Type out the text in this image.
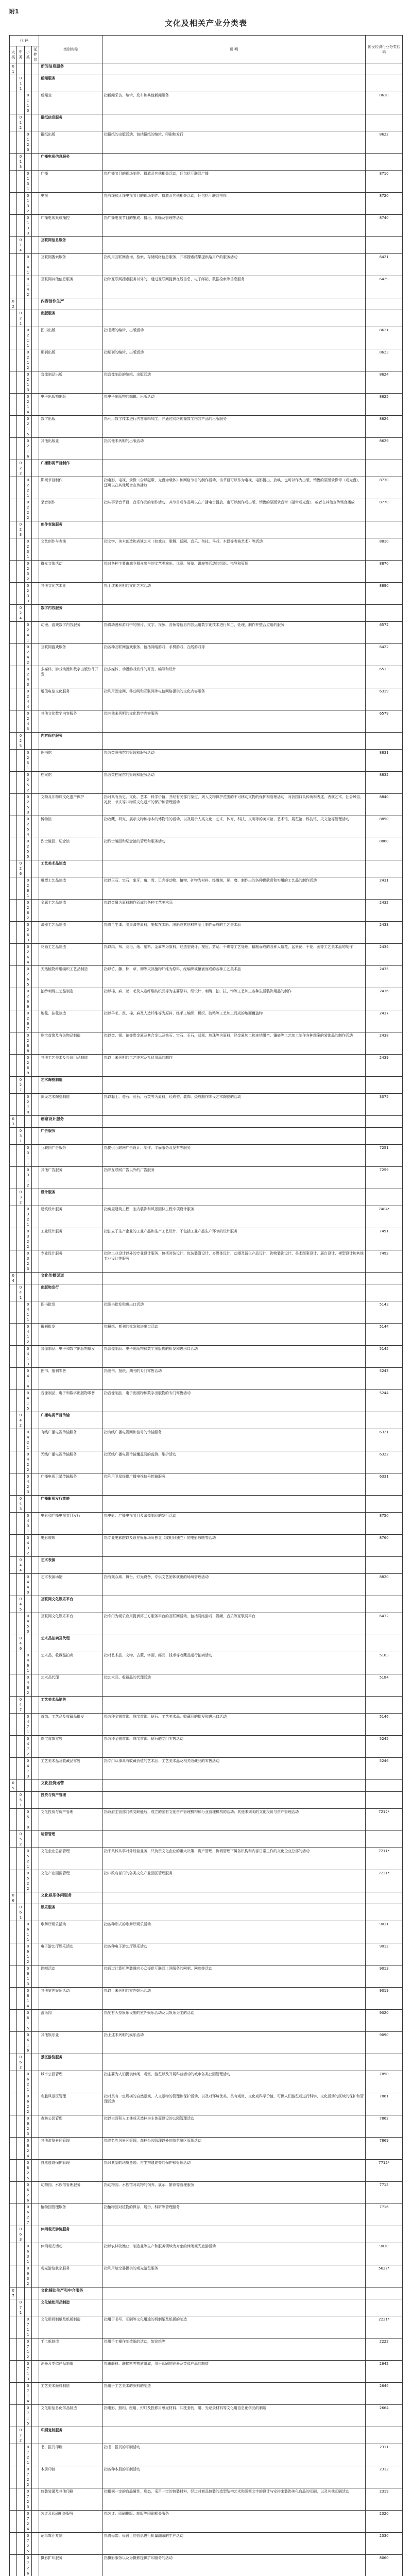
附1
文化及相关产业分类表
代 码				类别名称	说 明	国民经济行业分类代码
大类	中类	小类	延伸层			
01				新闻信息服务		
	011			新闻服务		
		0110		新闻业	指新闻采访、编辑、发布和其他新闻服务	8610
	012			报纸信息服务		
		0120		报纸出版	指报纸的出版活动，包括报纸的编辑、印刷和发行	8622
	013			广播电视信息服务		
		0131		广播	指广播节目的现场制作、播放及其他相关活动，还包括互联网广播	8710
		0132		电视	指有线和无线电视节目的现场制作、播放及其他相关活动，还包括互联网电视	8720
		0133		广播电视集成播控	指广播电视节目的集成、播出、传输及管理等活动	8740
	014			互联网信息服务		
		0141		互联网搜索服务	指利用互联网查询、检索、存储网络信息服务，并将搜索结果提供给用户的服务活动	6421
		0142		互联网其他信息服务	指除互联网搜索服务以外的，通过互联网提供在线信息、电子邮箱、数据检索等信息服务	6429
02				内容创作生产		
	021			出版服务		
		0211		图书出版	指书籍的编辑、出版活动	8621
		0212		期刊出版	指期刊的编辑、出版活动	8623
		0213		音像制品出版	指音像制品的编辑、出版活动	8624
		0214		电子出版物出版	指电子出版物的编辑、出版活动	8625
		0215		数字出版	指利用数字技术进行内容编辑加工，并通过网络传播数字内容产品的出版服务	8626
		0216		其他出版业	指其他未列明的出版活动	8629
	022			广播影视节目制作		
		0221		影视节目制作	指电影、电视、录像（含以磁带、光盘为载体）和网络节目的制作活动，该节目可以作为电视、电影播出、放映，也可以作为出版、销售的原版录像带（或光盘），还可以在其他场合宣传播放	8730
		0222		录音制作	指从事录音节目、音乐作品的制作活动，其节目或作品可以在广播电台播放，也可以制作成出版、销售的原版录音带（磁带或光盘），或者在其他宣传场合播放	8770
	023			创作表演服务		
		0231		文艺创作与表演	指文学、美术创造和表演艺术（如戏曲、歌舞、话剧、音乐、杂技、马戏、木偶等表演艺术）等活动	8810
		0232		群众文体活动	指对各种主要由城乡群众参与的文艺类演出、比赛、展览、讲座等活动的组织、指导和管理	8870
		0233		其他文化艺术业	指上述未列明的文化艺术活动	8890
	024			数字内容服务		
		0241		动漫、游戏数字内容服务	指将动漫和游戏中的图片、文字、视频、音频等信息内容运用数字化技术进行加工、处理、制作并整合应用的服务	6572
		0242		互联网游戏服务	指各种互联网游戏服务，包括网络游戏、手机游戏、在线游戏等	6422
		0243		多媒体、游戏动漫和数字出版软件开发	指多媒体、动漫游戏软件的开发、编写和设计	6513
		0244		增值电信文化服务	指利用固定网、移动网和互联网等电信网络提供的文化内容服务	6319
		0245		其他文化数字内容服务	指其他未列明的文化数字内容服务	6579
	025			内容保存服务		
		0251		图书馆	指各类图书馆的管理和服务活动	8831
		0252		档案馆	指各类档案馆的管理和服务活动	8832
		0253		文物及非物质文化遗产保护	指对具有历史、文化、艺术、科学价值，并经有关部门鉴定，列入文物保护范围的不可移动文物的保护和管理活动；对我国口头传统和表述、表演艺术、社会风俗、礼仪、节庆等非物质文化遗产的保护和管理活动	8840
		0254		博物馆	指收藏、研究、展示文物和标本的博物馆的活动，以及展示人类文化、艺术、体育、科技、文明等的美术馆、艺术馆、展览馆、科技馆、天文馆等管理活动	8850
		0255		烈士陵园、纪念馆	指烈士陵园和纪念馆的管理和服务活动	8860
	026			工艺美术品制造		
		0261		雕塑工艺品制造	指以玉石、宝石、象牙、角、骨、贝壳等动物、植物、矿物为材料，经雕刻、琢、磨、制作出的各种供欣赏和实用的工艺品的制作活动	2431
		0262		金属工艺品制造	指以金属为原料制作而成的各种工艺美术品	2432
		0263		漆器工艺品制造	指将半生漆、腰果漆等原料，施髹在木胎、脱胎或其他材料胎上制作而成的工艺美术品	2433
		0264		花画工艺品制造	指以绢、布、羽毛、纸、塑料、金属等为原料，经造型设计、模压、剪贴、干燥等工艺处理，精制而成的各种人造花、盆景花、干花、画等工艺美术品的制作	2434
		0265		天然植物纤维编织工艺品制造	指以竹、藤、棕、草、柳等天然植物纤维为原料，经编织或镶嵌而成的各种工艺美术品	2435
		0266		抽纱刺绣工艺品制造	指以棉、麻、丝、毛及人造纤维纺织品等为主要原料，经设计、刺绣、抽、拉、钩等工艺加工各种生活装饰用品的制作	2436
		0267		地毯、挂毯制造	指以羊毛、丝、棉、麻及人造纤维等为原料，经手工编织、机织、胶粘等工艺加工而成的地面覆盖物	2437
		0268		珠宝首饰及有关物品制造	指以金、银、铂等贵金属及其合金以及钻石、宝石、玉石、翡翠、珍珠等为原料，经金属加工和连结组合、镶嵌等工艺加工制作各种图案的装饰品的制作活动	2438
		0269		其他工艺美术及礼仪用品制造	指以上未列明的工艺美术及礼仪用品的制作	2439
	027			艺术陶瓷制造		
		0270		陈设艺术陶瓷制造	指以黏土、瓷石、长石、石英等为原料，经成型、装饰、烧成制作陈设艺术陶瓷的活动	3075
03				创意设计服务		
	031			广告服务		
		0311		互联网广告服务	指提供互联网广告设计、制作、平面服务及发布等服务	7251
		0312		其他广告服务	指除互联网广告以外的广告服务	7259
	032			设计服务		
		0321		建筑设计服务	指房屋建筑工程、室内装饰和风景园林工程专项设计服务	7484*
		0322		工业设计服务	指独立于生产企业的工业产品和生产工艺设计，不包括工业产品生产环节的设计服务	7491
		0323		专业设计服务	指除工业设计以外的专业设计服务，包括时装设计、包装装潢设计、多媒体设计、动漫及衍生产品设计、饰物装饰设计、美术图案设计、展台设计、模型设计和其他专业设计等服务	7492
04				文化传播渠道		
	041			出版物发行		
		0411		图书批发	指图书批发和进出口活动	5143
		0412		报刊批发	指报纸、期刊的批发和进出口活动	5144
		0413		音像制品、电子和数字出版物批发	指音像制品、电子出版物和数字出版物的批发和进出口活动	5145
		0414		图书、报刊零售	指图书、报纸、期刊的专门零售活动	5243
		0415		音像制品、电子和数字出版物零售	指音像制品、电子出版物和数字出版物的专门零售活动	5244
	042			广播电视节目传输		
		0421		有线广播电视传输服务	指有线广播电视网和信号的传输服务	6321
		0422		无线广播电视传输服务	指无线广播电视传输覆盖网的监测、维护活动	6322
		0423		广播电视卫星传输服务	指利用卫星提供广播电视信号传输服务	6331
	043			广播影视发行放映		
		0431		电影和广播电视节目发行	指电影、广播电视节目及录像制品的发行活动	8750
		0432		电影放映	指专业电影院以及设在娱乐场所独立（或相对独立）的电影放映等活动	8760
	044			艺术表演		
		0440		艺术表演场馆	指有观众席、舞台、灯光设备，专供文艺团体演出的场所管理活动	8820
	045			互联网文化娱乐平台		
		0450		互联网文化娱乐平台	指专门为娱乐应用提供第三方服务平台的互联网活动，包括网络游戏、视频、音乐等互联网平台	6432
	046			艺术品拍卖及代理		
		0461		艺术品、收藏品拍卖	指对艺术品、文物、古董、字画、邮品、钱币等收藏品进行拍卖活动	5183
		0462		艺术品代理	指艺术品、收藏品的代理活动	5184
	047			工艺美术品销售		
		0471		首饰、工艺品及收藏品批发	指各种金银首饰、珠宝首饰、钻石、工艺美术品、收藏品的批发和进出口活动	5146
		0472		珠宝首饰零售	指各种金银首饰、珠宝首饰、钻石的专门零售活动	5245
		0473		工艺美术品及收藏品零售	指专门从事具有收藏价值的艺术品、工艺美术品及相关收藏品的零售活动	5246
05				文化投资运营		
	051			投资与资产管理		
		0510		文化投资与资产管理	指政府主管部门转变职能后，成立的国有文化资产管理机构和行业管理机构的活动；其他未列明的文化投资与资产管理活动	7212*
	052			运营管理		
		0521		文化企业总部管理	指不具体从事对外经营业务，只负责文化企业的重大决策、资产管理，协调管理下属各机构和内部日常工作的文化企业总部的活动	7211*
		0522		文化产业园区管理	指非政府部门的各类文化产业园区管理服务	7221*
06				文化娱乐休闲服务		
	061			娱乐服务		
		0611		歌舞厅娱乐活动	指各种形式的歌舞厅娱乐活动	9011
		0612		电子游艺厅娱乐活动	指各种电子游艺厅娱乐活动	9012
		0613		网吧活动	指通过计算机等装置向公众提供互联网上网服务的网吧、网咖等活动	9013
		0614		其他室内娱乐活动	指以上未列明的室内娱乐活动	9019
		0615		游乐园	指配有大型娱乐设施的室外娱乐活动及以娱乐为主的活动	9020
		0616		其他娱乐业	指上述未列明的娱乐活动	9090
	062			景区游览服务		
		0621		城市公园管理	指主要为人们提供休闲、观赏、游览以及开展科普活动的城市各类公园管理活动	7850
		0622		名胜风景区管理	指对具有一定规模的自然景观、人文景物的管理和保护活动，以及对环境优美，具有观赏、文化或科学价值，可供人们游览或进行科学、文化活动的区域的保护和管理活动	7861
		0623		森林公园管理	指以大面积人工林或天然林为主体而建设的公园管理活动	7862
		0624		其他游览景区管理	指除名胜风景区管理、森林公园管理以外的游览景区管理活动	7869
		0625		自然遗迹保护管理	指对典型的地质遗迹、古生物遗迹等的保护和管理活动	7712*
		0626		动物园、水族馆管理服务	指动物园、水族馆对动物的饲养、展示、繁育等管理服务	7715
		0627		植物园管理服务	指植物园对植物的保存、展示、科研等管理服务	7716
	063			休闲观光游览服务		
		0631		休闲观光活动	指以农林牧渔业、制造业等生产和服务领域为对象的休闲观光旅游活动	9030
		0632		观光游览航空服务	指利用航空器提供的观光游览服务	5622*
07				文化辅助生产和中介服务		
	071			文化辅助用品制造		
		0711		文化用机制纸及纸板制造	指用于书写、印刷等文化用途的机制纸及纸板的制造	2221*
		0712		手工纸制造	指用手工操作制造纸的活动，如宣纸等	2222
		0713		油墨及类似产品制造	指由颜料、联接料等物质组成，用于印刷的油墨及类似产品的制造	2642
		0714		工艺美术颜料制造	指用于工艺美术的颜料的制造	2644
		0715		文化用信息化学品制造	指电影、照相、医用、幻灯及投影用感光材料、冲洗套药，磁、光记录材料等文化用信息化学品的制造	2664
	072			印刷复制服务		
		0721		书、报刊印刷	指书、报刊的印刷活动	2311
		0722		本册印制	指各种本册的印制活动	2312
		0723		包装装潢及其他印刷	指根据一定的商品属性、形态，采用一定的包装材料，经过对商品包装的造型结构艺术和图案文字的设计与安排来装饰美化商品的印刷，以及其他印刷活动	2319
		0724		装订及印刷相关服务	指装订、印刷排版、制版等印刷相关服务	2320
		0725		记录媒介复制	指将母带、母盘上的信息进行批量翻录的生产活动	2330
		0726		摄影扩印服务	指摄影服务以及为摄影提供扩印服务的活动	8060
